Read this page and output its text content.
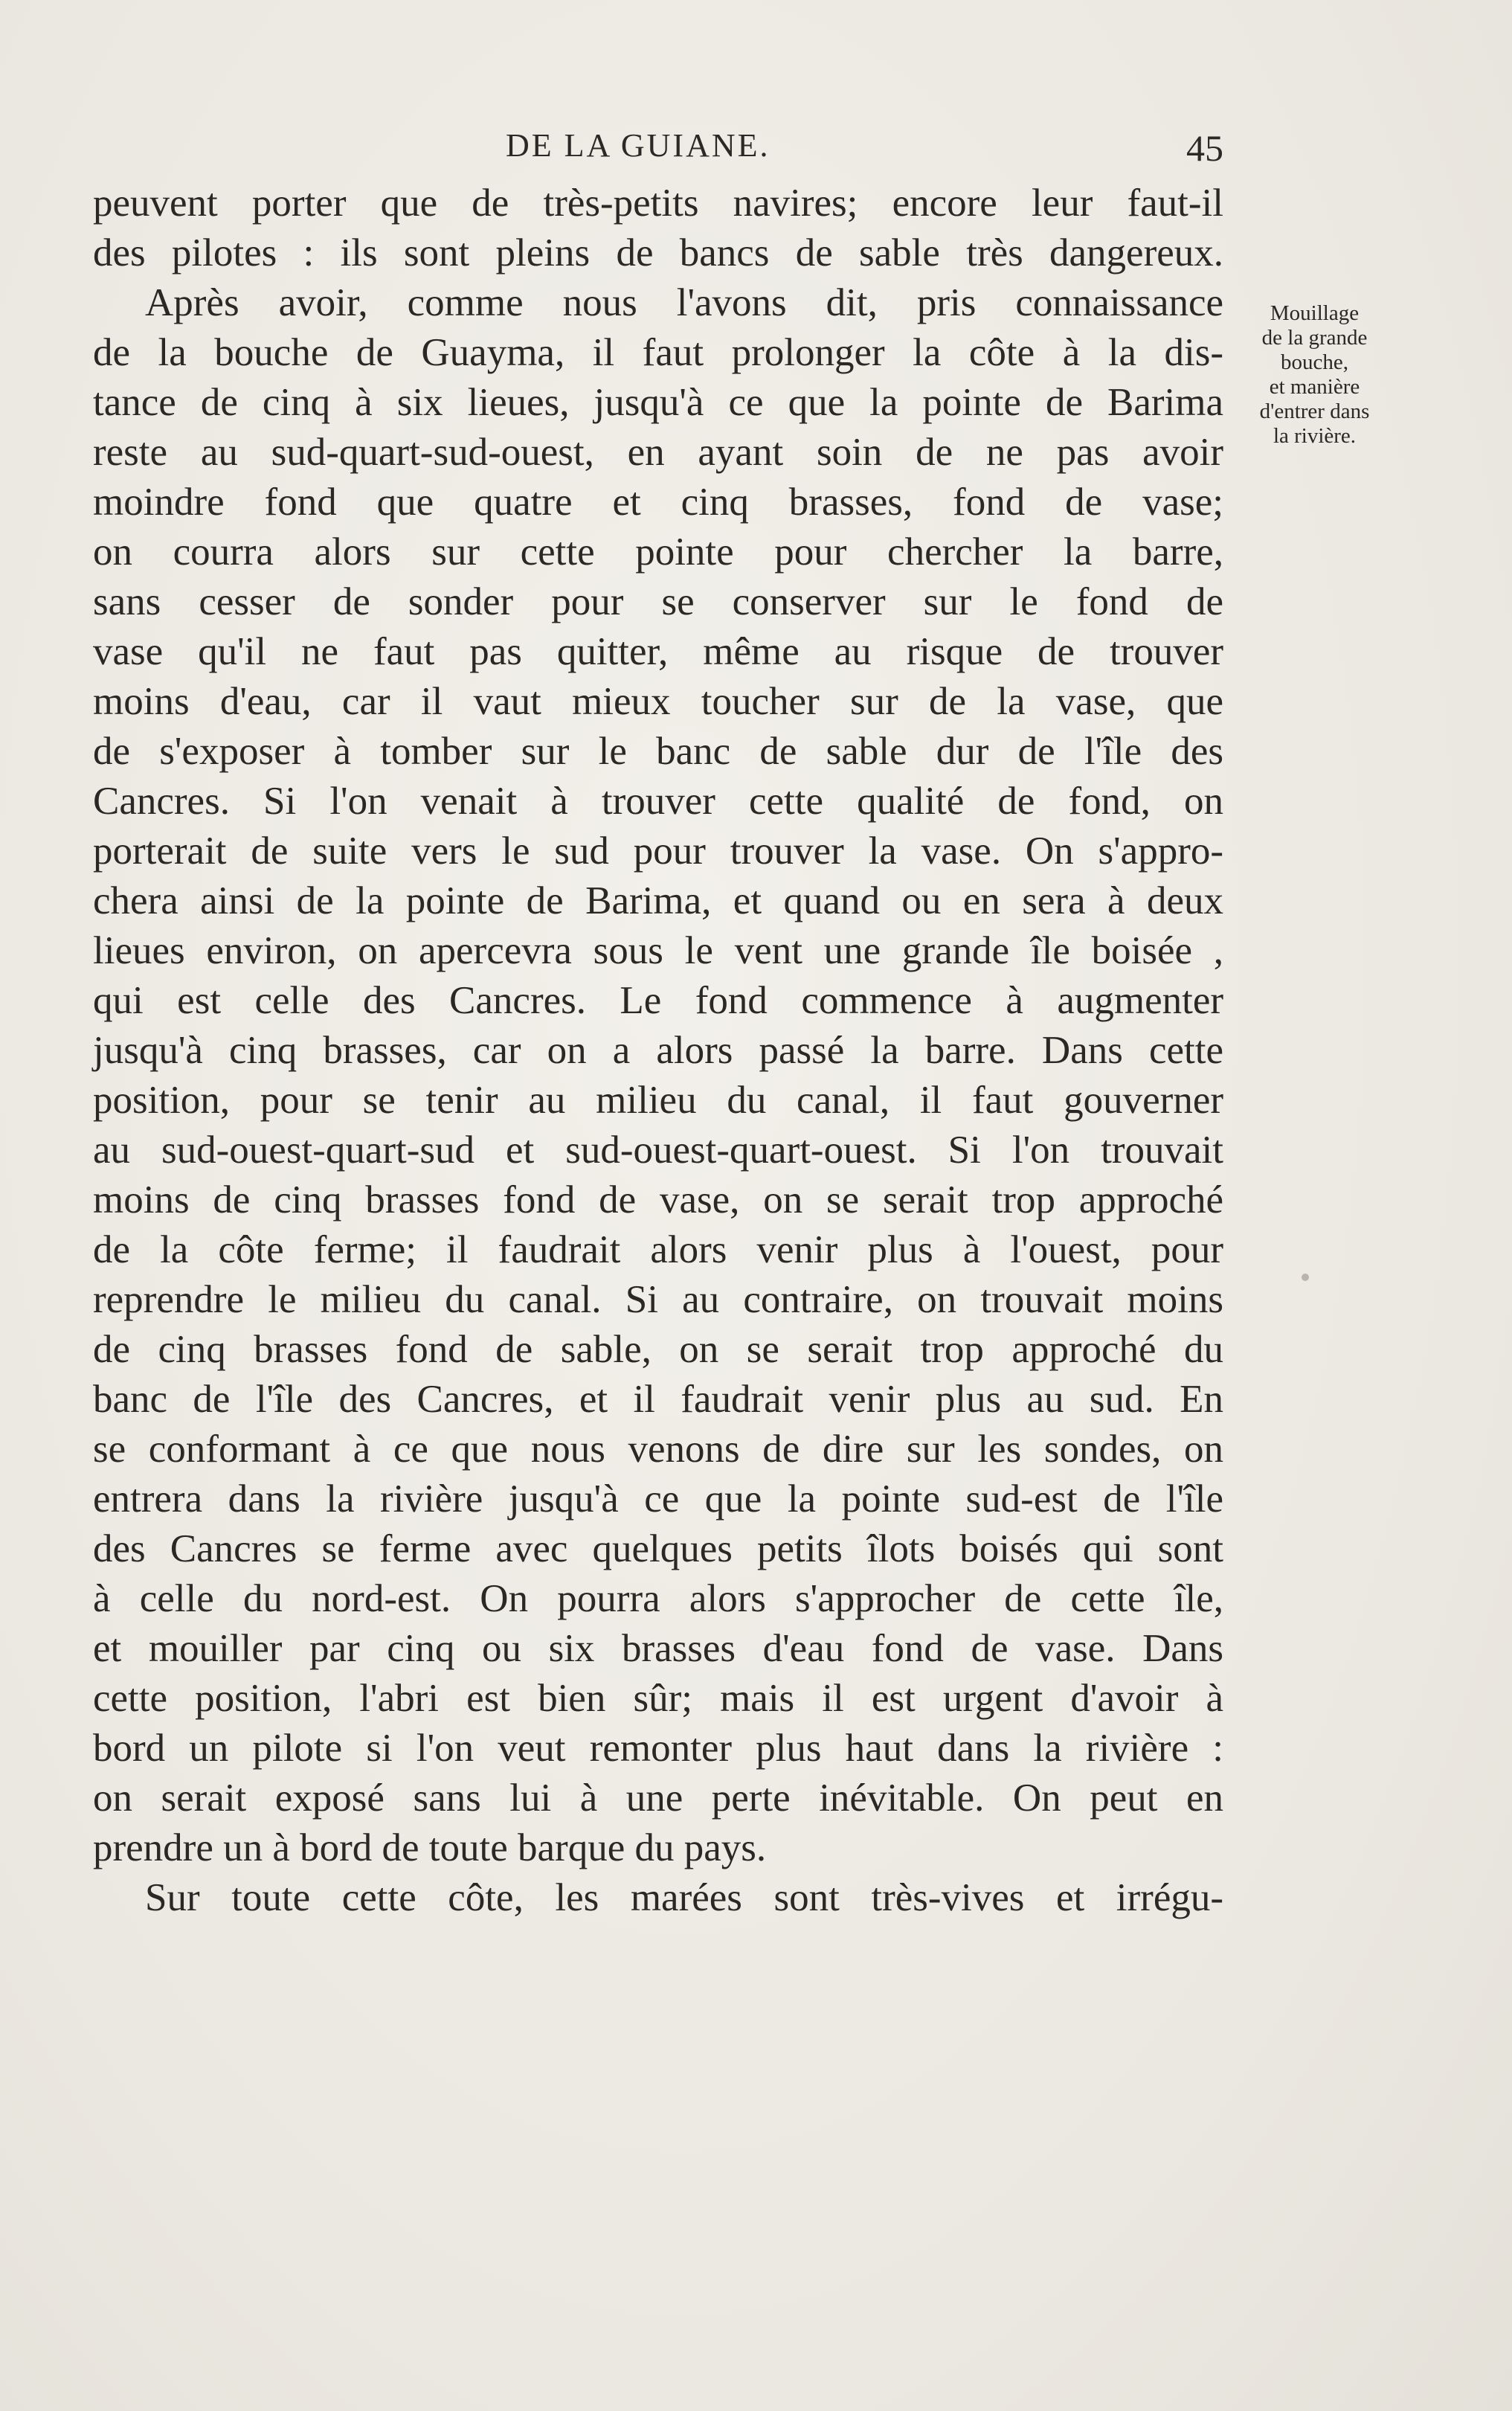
DE LA GUIANE.	45
peuvent porter que de très-petits navires; encore leur faut-il
des pilotes : ils sont pleins de bancs de sable très dangereux.
Après avoir, comme nous l'avons dit, pris connaissance
de la bouche de Guayma, il faut prolonger la côte à la dis-
tance de cinq à six lieues, jusqu'à ce que la pointe de Barima
reste au sud-quart-sud-ouest, en ayant soin de ne pas avoir
moindre fond que quatre et cinq brasses, fond de vase;
on courra alors sur cette pointe pour chercher la barre,
sans cesser de sonder pour se conserver sur le fond de
vase qu'il ne faut pas quitter, même au risque de trouver
moins d'eau, car il vaut mieux toucher sur de la vase, que
de s'exposer à tomber sur le banc de sable dur de l'île des
Cancres. Si l'on venait à trouver cette qualité de fond, on
porterait de suite vers le sud pour trouver la vase. On s'appro-
chera ainsi de la pointe de Barima, et quand ou en sera à deux
lieues environ, on apercevra sous le vent une grande île boisée ,
qui est celle des Cancres. Le fond commence à augmenter
jusqu'à cinq brasses, car on a alors passé la barre. Dans cette
position, pour se tenir au milieu du canal, il faut gouverner
au sud-ouest-quart-sud et sud-ouest-quart-ouest. Si l'on trouvait
moins de cinq brasses fond de vase, on se serait trop approché
de la côte ferme; il faudrait alors venir plus à l'ouest, pour
reprendre le milieu du canal. Si au contraire, on trouvait moins
de cinq brasses fond de sable, on se serait trop approché du
banc de l'île des Cancres, et il faudrait venir plus au sud. En
se conformant à ce que nous venons de dire sur les sondes, on
entrera dans la rivière jusqu'à ce que la pointe sud-est de l'île
des Cancres se ferme avec quelques petits îlots boisés qui sont
à celle du nord-est. On pourra alors s'approcher de cette île,
et mouiller par cinq ou six brasses d'eau fond de vase. Dans
cette position, l'abri est bien sûr; mais il est urgent d'avoir à
bord un pilote si l'on veut remonter plus haut dans la rivière :
on serait exposé sans lui à une perte inévitable. On peut en
prendre un à bord de toute barque du pays.
Sur toute cette côte, les marées sont très-vives et irrégu-
Mouillage
de la grande
bouche,
et manière
d'entrer dans
la rivière.
